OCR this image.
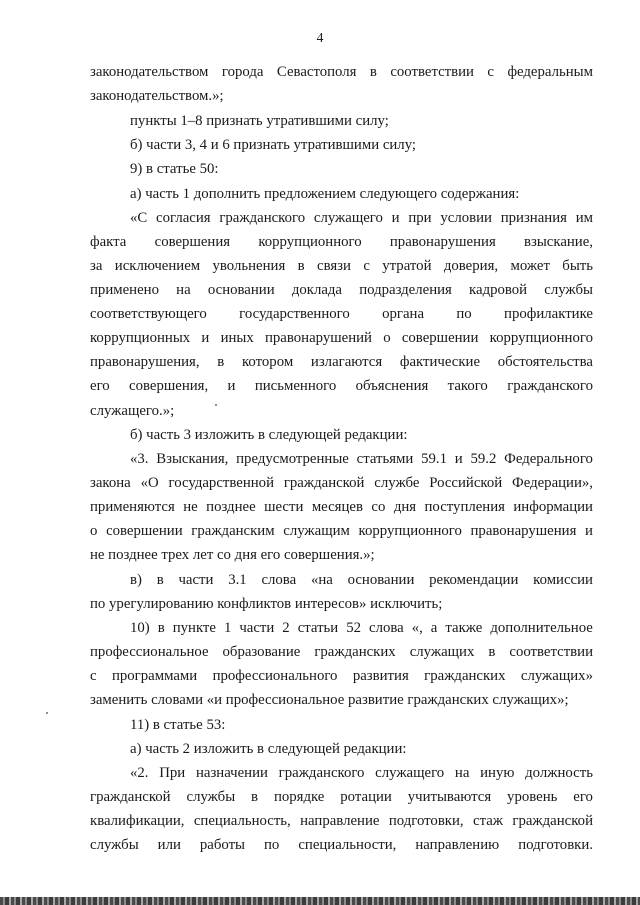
4
законодательством города Севастополя в соответствии с федеральным
законодательством.»;
пункты 1–8 признать утратившими силу;
б) части 3, 4 и 6 признать утратившими силу;
9) в статье 50:
а) часть 1 дополнить предложением следующего содержания:
«С согласия гражданского служащего и при условии признания им
факта совершения коррупционного правонарушения взыскание,
за исключением увольнения в связи с утратой доверия, может быть
применено на основании доклада подразделения кадровой службы
соответствующего государственного органа по профилактике
коррупционных и иных правонарушений о совершении коррупционного
правонарушения, в котором излагаются фактические обстоятельства
его совершения, и письменного объяснения такого гражданского
служащего.»;
б) часть 3 изложить в следующей редакции:
«3. Взыскания, предусмотренные статьями 59.1 и 59.2 Федерального
закона «О государственной гражданской службе Российской Федерации»,
применяются не позднее шести месяцев со дня поступления информации
о совершении гражданским служащим коррупционного правонарушения и
не позднее трех лет со дня его совершения.»;
в) в части 3.1 слова «на основании рекомендации комиссии
по урегулированию конфликтов интересов» исключить;
10) в пункте 1 части 2 статьи 52 слова «, а также дополнительное
профессиональное образование гражданских служащих в соответствии
с программами профессионального развития гражданских служащих»
заменить словами «и профессиональное развитие гражданских служащих»;
11) в статье 53:
а) часть 2 изложить в следующей редакции:
«2. При назначении гражданского служащего на иную должность
гражданской службы в порядке ротации учитываются уровень его
квалификации, специальность, направление подготовки, стаж гражданской
службы или работы по специальности, направлению подготовки.
